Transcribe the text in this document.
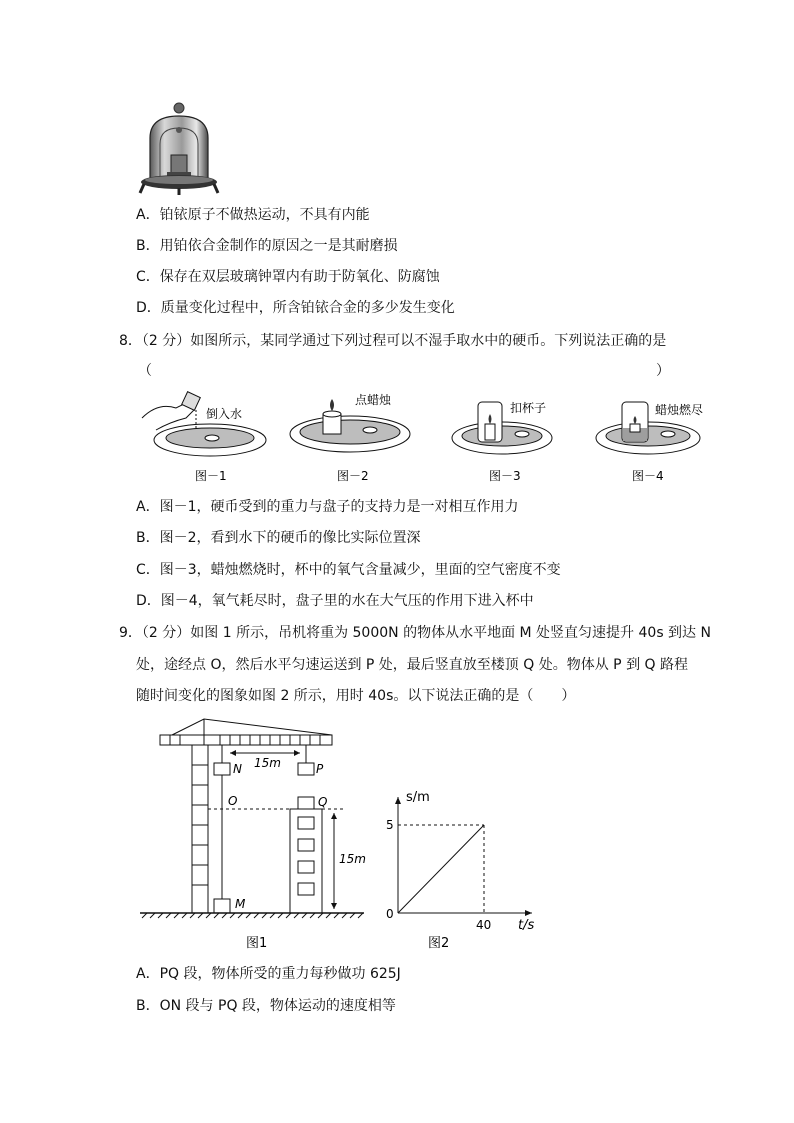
A．铂铱原子不做热运动，不具有内能
B．用铂依合金制作的原因之一是其耐磨损
C．保存在双层玻璃钟罩内有助于防氧化、防腐蚀
D．质量变化过程中，所含铂铱合金的多少发生变化
8．（2 分）如图所示，某同学通过下列过程可以不湿手取水中的硬币。下列说法正确的是
（	）
倒入水
图－1
点蜡烛
图－2
扣杯子
图－3
蜡烛燃尽
图－4
A．图－1，硬币受到的重力与盘子的支持力是一对相互作用力
B．图－2，看到水下的硬币的像比实际位置深
C．图－3，蜡烛燃烧时，杯中的氧气含量减少，里面的空气密度不变
D．图－4，氧气耗尽时，盘子里的水在大气压的作用下进入杯中
9．（2 分）如图 1 所示，吊机将重为 5000N 的物体从水平地面 M 处竖直匀速提升 40s 到达 N
处，途经点 O，然后水平匀速运送到 P 处，最后竖直放至楼顶 Q 处。物体从 P 到 Q 路程
随时间变化的图象如图 2 所示，用时 40s。以下说法正确的是（　　）
15m
N	P
O	Q
15m
M
图1
s/m
t/s
0
5
40
图2
A．PQ 段，物体所受的重力每秒做功 625J
B．ON 段与 PQ 段，物体运动的速度相等
